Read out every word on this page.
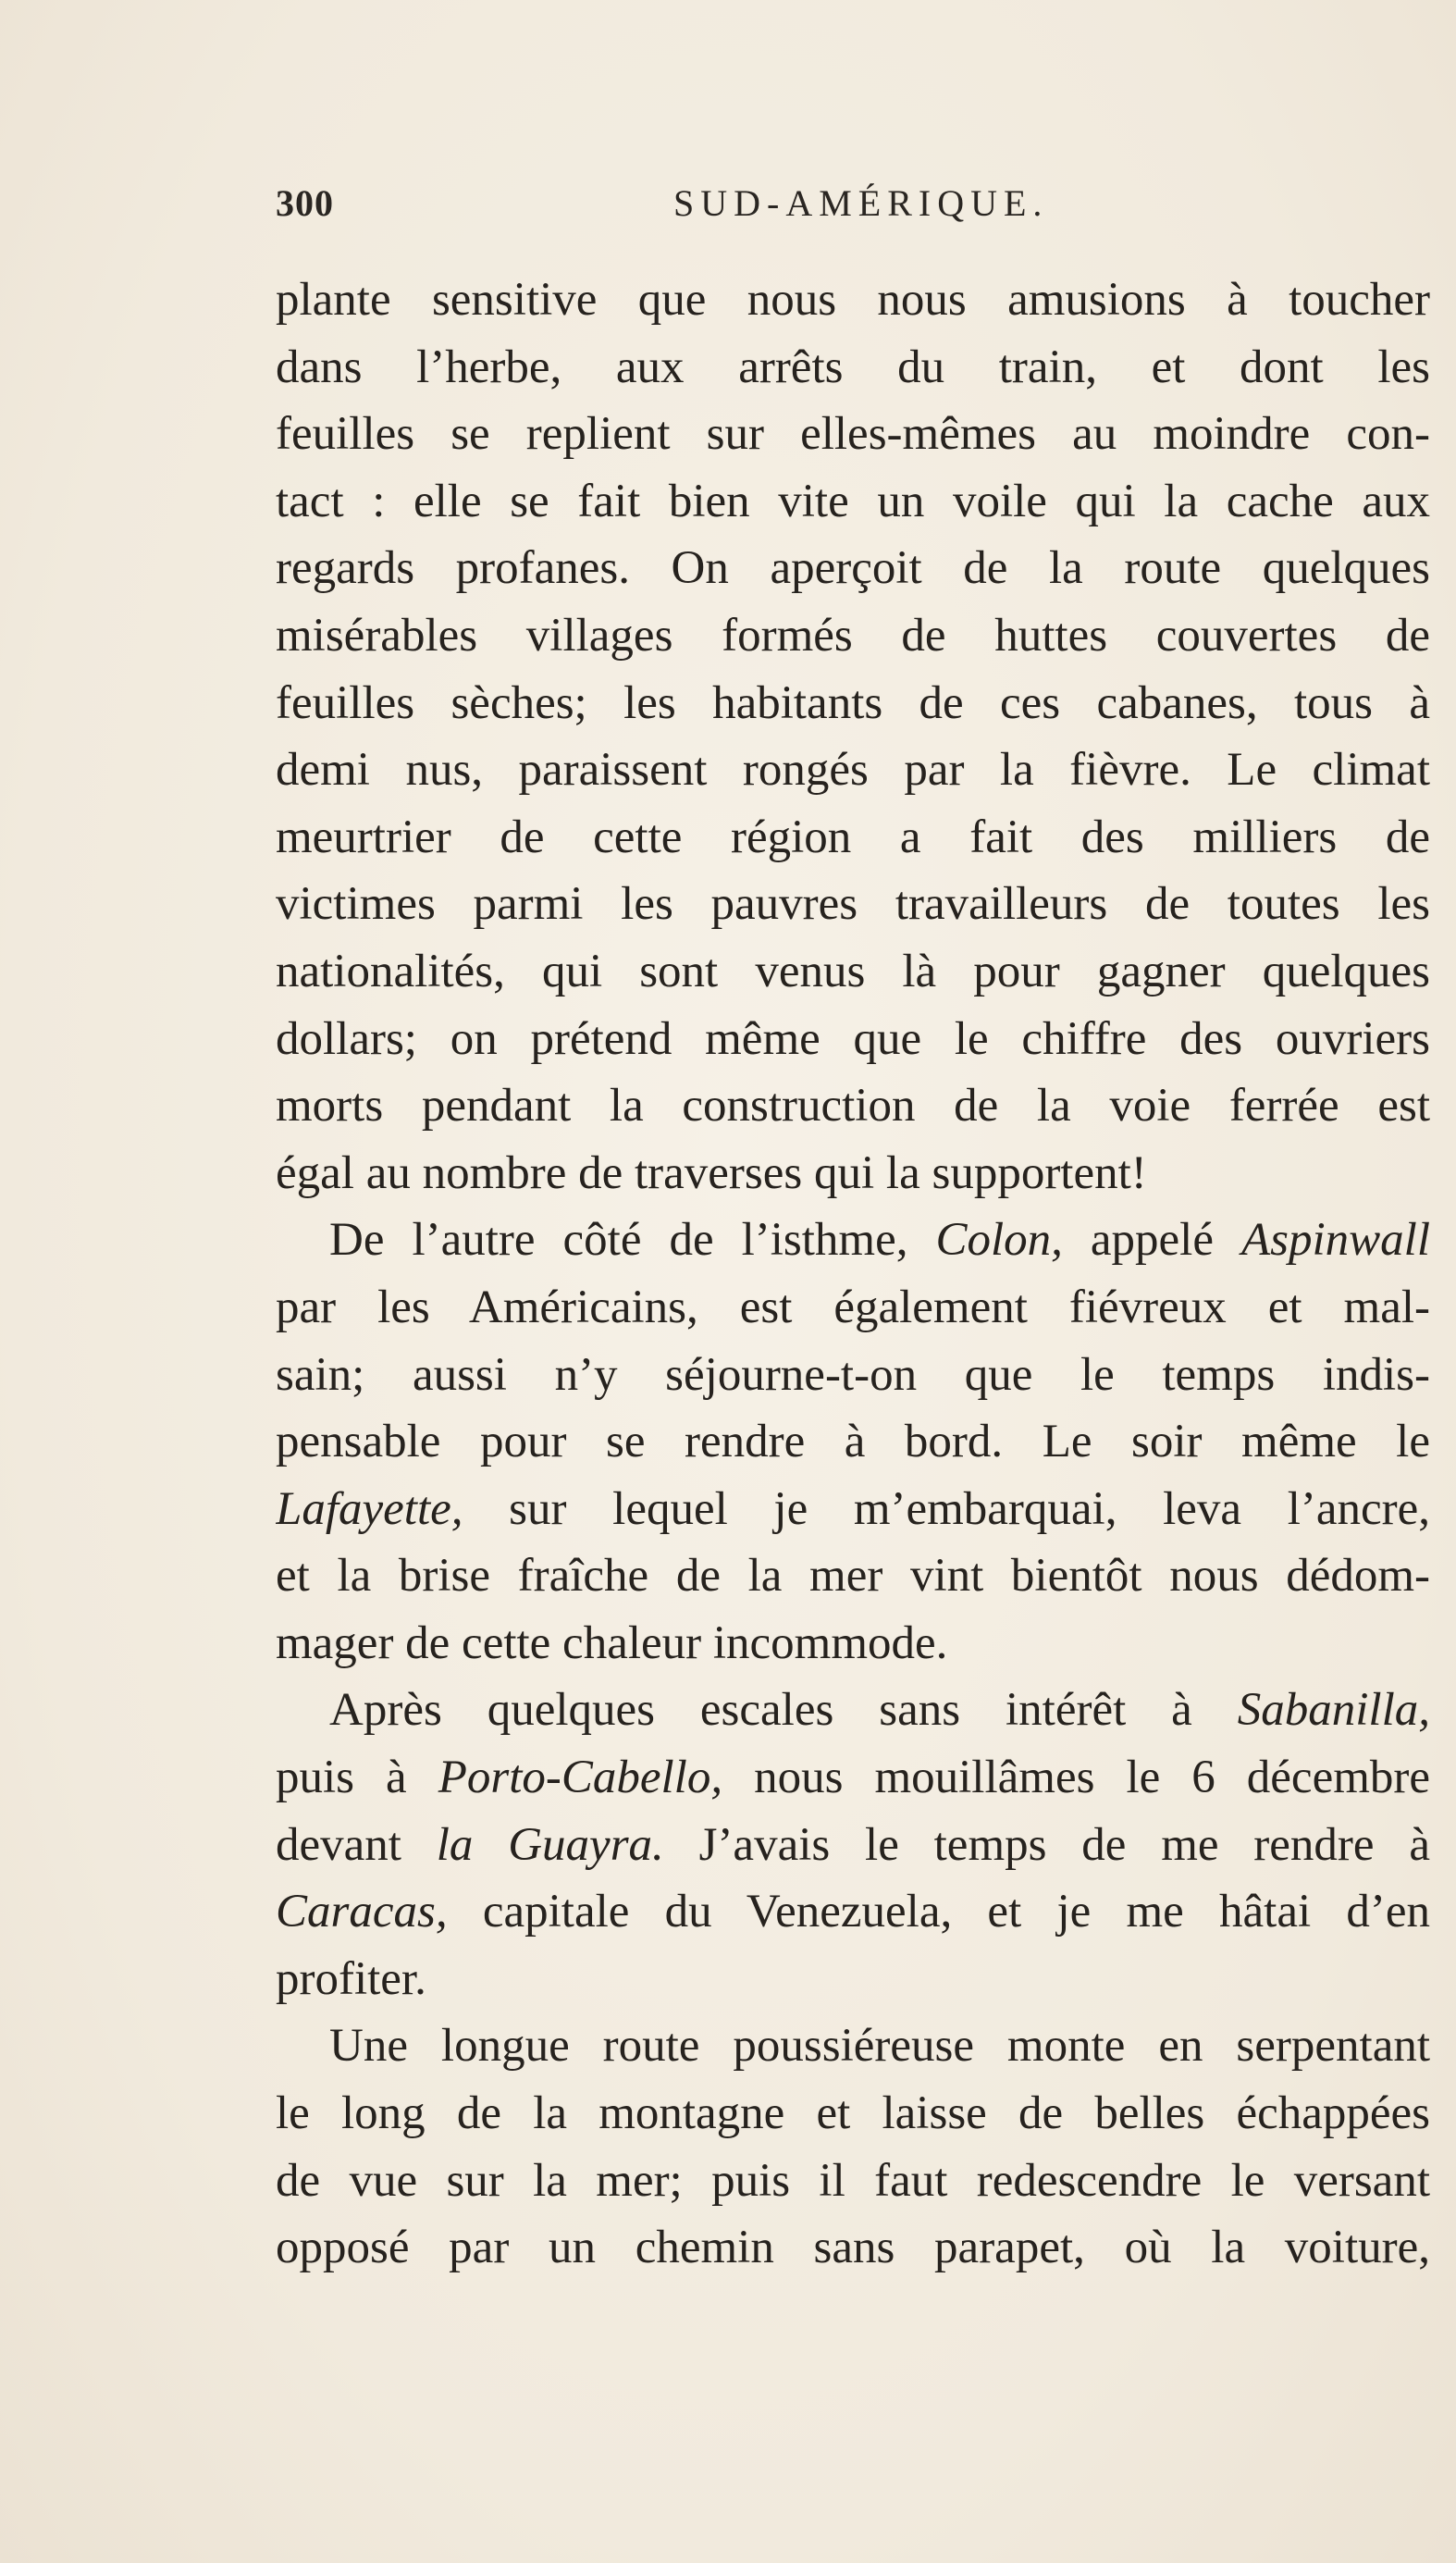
300	SUD-AMÉRIQUE.
plante sensitive que nous nous amusions à toucher
dans l’herbe, aux arrêts du train, et dont les
feuilles se replient sur elles-mêmes au moindre con-
tact : elle se fait bien vite un voile qui la cache aux
regards profanes. On aperçoit de la route quelques
misérables villages formés de huttes couvertes de
feuilles sèches; les habitants de ces cabanes, tous à
demi nus, paraissent rongés par la fièvre. Le climat
meurtrier de cette région a fait des milliers de
victimes parmi les pauvres travailleurs de toutes les
nationalités, qui sont venus là pour gagner quelques
dollars; on prétend même que le chiffre des ouvriers
morts pendant la construction de la voie ferrée est
égal au nombre de traverses qui la supportent!
De l’autre côté de l’isthme, Colon, appelé Aspinwall
par les Américains, est également fiévreux et mal-
sain; aussi n’y séjourne-t-on que le temps indis-
pensable pour se rendre à bord. Le soir même le
Lafayette, sur lequel je m’embarquai, leva l’ancre,
et la brise fraîche de la mer vint bientôt nous dédom-
mager de cette chaleur incommode.
Après quelques escales sans intérêt à Sabanilla,
puis à Porto-Cabello, nous mouillâmes le 6 décembre
devant la Guayra. J’avais le temps de me rendre à
Caracas, capitale du Venezuela, et je me hâtai d’en
profiter.
Une longue route poussiéreuse monte en serpentant
le long de la montagne et laisse de belles échappées
de vue sur la mer; puis il faut redescendre le versant
opposé par un chemin sans parapet, où la voiture,
